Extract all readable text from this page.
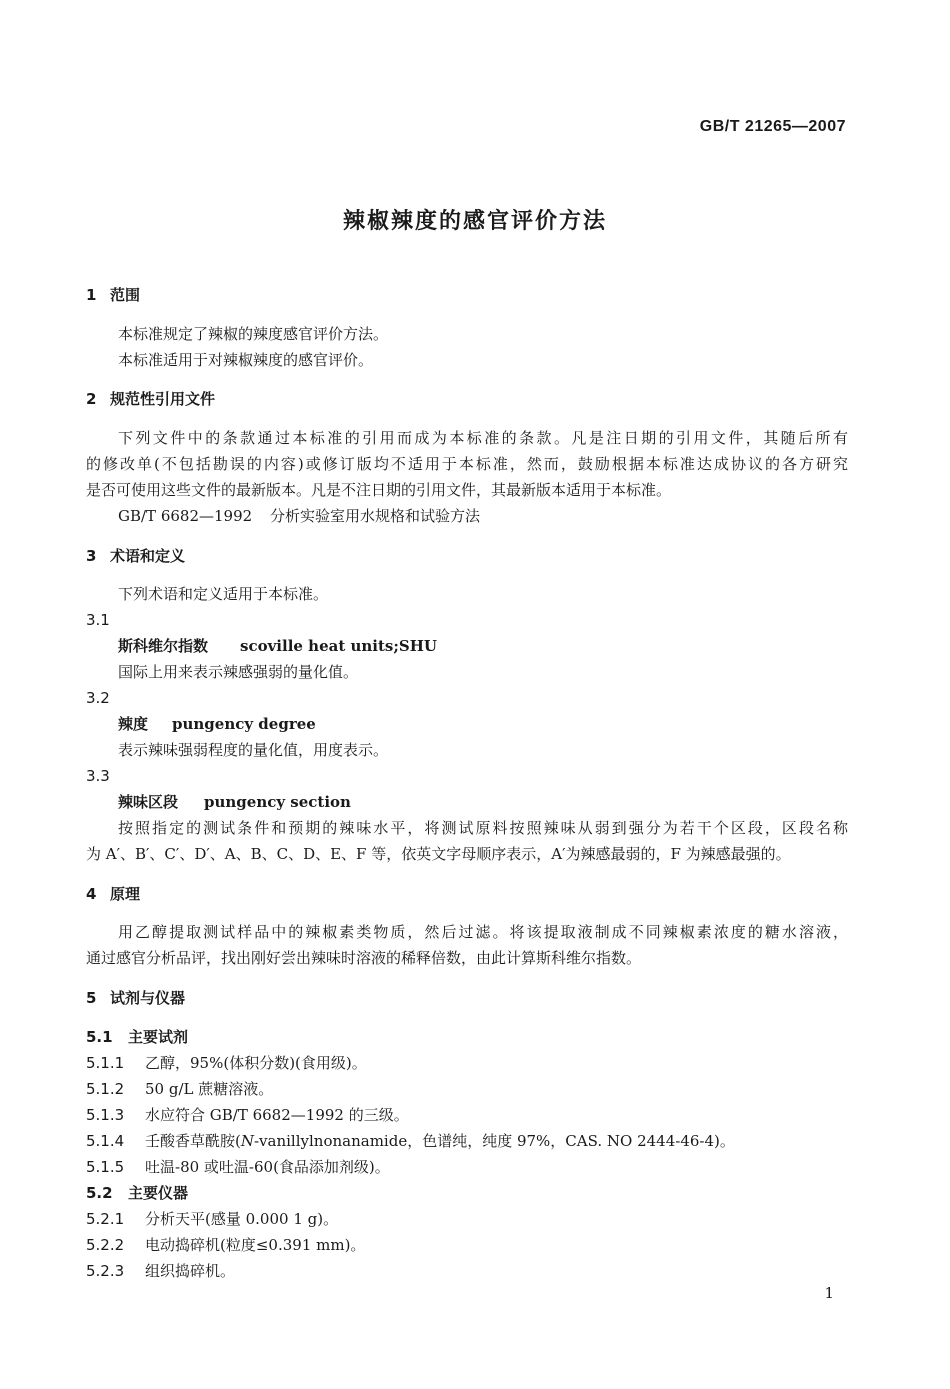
GB/T 21265—2007
辣椒辣度的感官评价方法
1 范围
本标准规定了辣椒的辣度感官评价方法。
本标准适用于对辣椒辣度的感官评价。
2 规范性引用文件
下列文件中的条款通过本标准的引用而成为本标准的条款。凡是注日期的引用文件，其随后所有
的修改单(不包括勘误的内容)或修订版均不适用于本标准，然而，鼓励根据本标准达成协议的各方研究
是否可使用这些文件的最新版本。凡是不注日期的引用文件，其最新版本适用于本标准。
GB/T 6682—1992 分析实验室用水规格和试验方法
3 术语和定义
下列术语和定义适用于本标准。
3.1
斯科维尔指数 scoville heat units;SHU
国际上用来表示辣感强弱的量化值。
3.2
辣度 pungency degree
表示辣味强弱程度的量化值，用度表示。
3.3
辣味区段 pungency section
按照指定的测试条件和预期的辣味水平，将测试原料按照辣味从弱到强分为若干个区段，区段名称
为 A′、B′、C′、D′、A、B、C、D、E、F 等，依英文字母顺序表示，A′为辣感最弱的，F 为辣感最强的。
4 原理
用乙醇提取测试样品中的辣椒素类物质，然后过滤。将该提取液制成不同辣椒素浓度的糖水溶液，
通过感官分析品评，找出刚好尝出辣味时溶液的稀释倍数，由此计算斯科维尔指数。
5 试剂与仪器
5.1 主要试剂
5.1.1 乙醇，95%(体积分数)(食用级)。
5.1.2 50 g/L 蔗糖溶液。
5.1.3 水应符合 GB/T 6682—1992 的三级。
5.1.4 壬酸香草酰胺(N-vanillylnonanamide，色谱纯，纯度 97%，CAS. NO 2444-46-4)。
5.1.5 吐温-80 或吐温-60(食品添加剂级)。
5.2 主要仪器
5.2.1 分析天平(感量 0.000 1 g)。
5.2.2 电动捣碎机(粒度≤0.391 mm)。
5.2.3 组织捣碎机。
1
